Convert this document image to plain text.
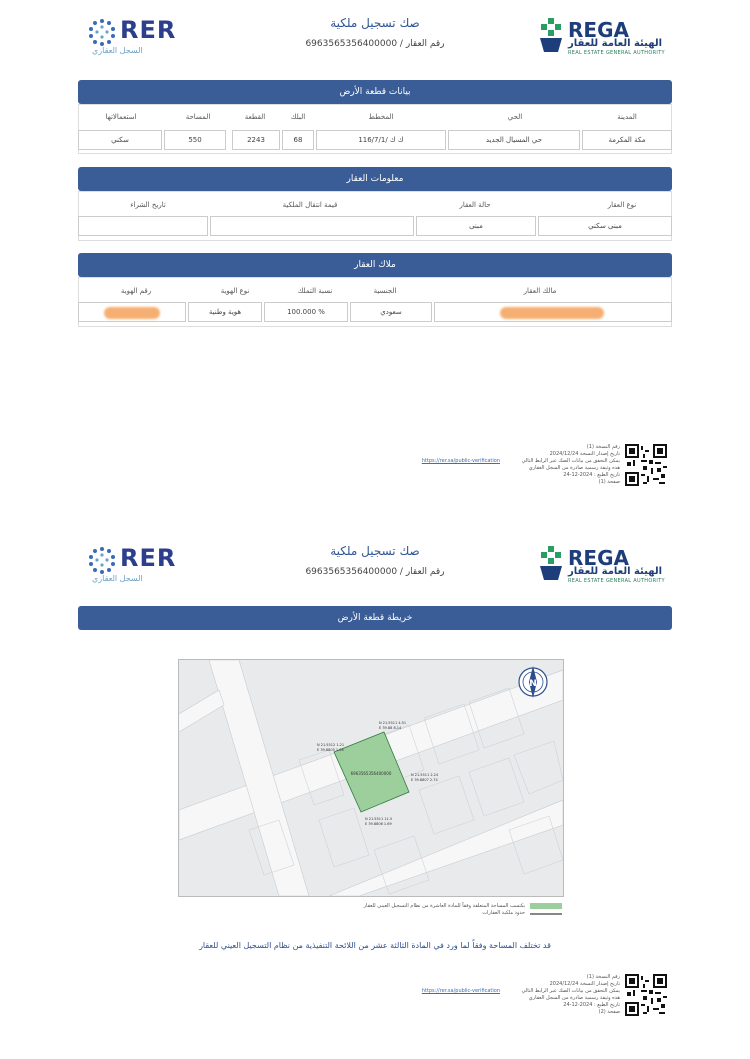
RER
السجل العقاري
صك تسجيل ملكية
رقم العقار / 6963565356400000
REGA
الهيئة العامة للعقار
REAL ESTATE GENERAL AUTHORITY
بيانات قطعة الأرض
المدينة
الحي
المخطط
البلك
القطعة
المساحة
استعمالاتها
مكة المكرمة
حي المسيال الجديد
ك ك /116/7/1
68
2243
550
سكني
معلومات العقار
نوع العقار
حالة العقار
قيمة انتقال الملكية
تاريخ الشراء
مبنى سكني
مبنى
ملاك العقار
مالك العقار
الجنسية
نسبة التملك
نوع الهوية
رقم الهوية
سعودي
100.000 %
هوية وطنية
رقم النسخة (1)
تاريخ إصدار النسخة 2024/12/24
يمكن التحقق من بيانات الصك عبر الرابط التالي
https://rer.sa/public-verification
هذه وثيقة رسمية صادرة من السجل العقاري
تاريخ الطبع : 2024-12-24
صفحة (1)
RER
السجل العقاري
صك تسجيل ملكية
رقم العقار / 6963565356400000
REGA
الهيئة العامة للعقار
REAL ESTATE GENERAL AUTHORITY
خريطة قطعة الأرض
6963565356400000
N 21.5511 4.51
E 39.88 8.14
N 21.5512 1.21
E 39.8805 1.04
N 21.5511 2.24
E 39.8807 2.74
N 21.5511 11.5
E 39.8806 1.69
N
يكتسب المساحة المتعلقة وفقاً للمادة العاشرة من نظام التسجيل العيني للعقار
حدود ملكية العقارات
قد تختلف المساحة وفقاً لما ورد في المادة الثالثة عشر من اللائحة التنفيذية من نظام التسجيل العيني للعقار
رقم النسخة (1)
تاريخ إصدار النسخة 2024/12/24
يمكن التحقق من بيانات الصك عبر الرابط التالي
https://rer.sa/public-verification
هذه وثيقة رسمية صادرة من السجل العقاري
تاريخ الطبع : 2024-12-24
صفحة (2)
